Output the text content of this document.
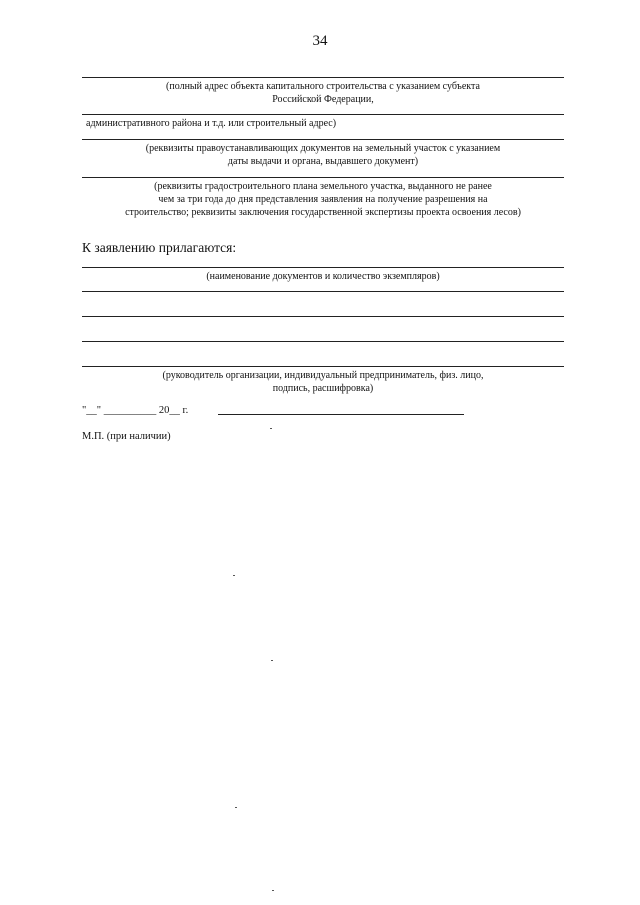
34
(полный адрес объекта капитального строительства с указанием субъекта
Российской Федерации,
административного района и т.д. или строительный адрес)
(реквизиты правоустанавливающих документов на земельный участок с указанием
даты выдачи и органа, выдавшего документ)
(реквизиты градостроительного плана земельного участка, выданного не ранее
чем за три года до дня представления заявления на получение разрешения на
строительство; реквизиты заключения государственной экспертизы проекта освоения лесов)
К заявлению прилагаются:
(наименование документов и количество экземпляров)
(руководитель организации, индивидуальный предприниматель, физ. лицо,
подпись, расшифровка)
"__" __________ 20__ г.
М.П. (при наличии)
